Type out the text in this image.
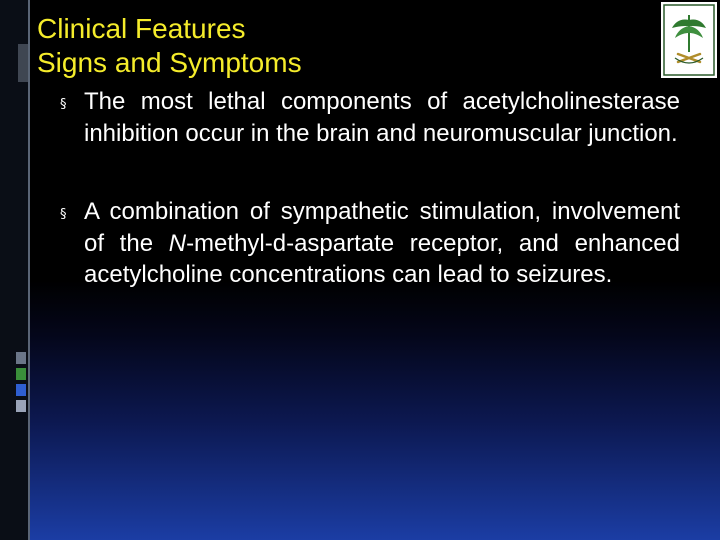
Clinical Features
Signs and Symptoms
§ The most lethal components of acetylcholinesterase inhibition occur in the brain and neuromuscular junction.
§ A combination of sympathetic stimulation, involvement of the N-methyl-d-aspartate receptor, and enhanced acetylcholine concentrations can lead to seizures.
